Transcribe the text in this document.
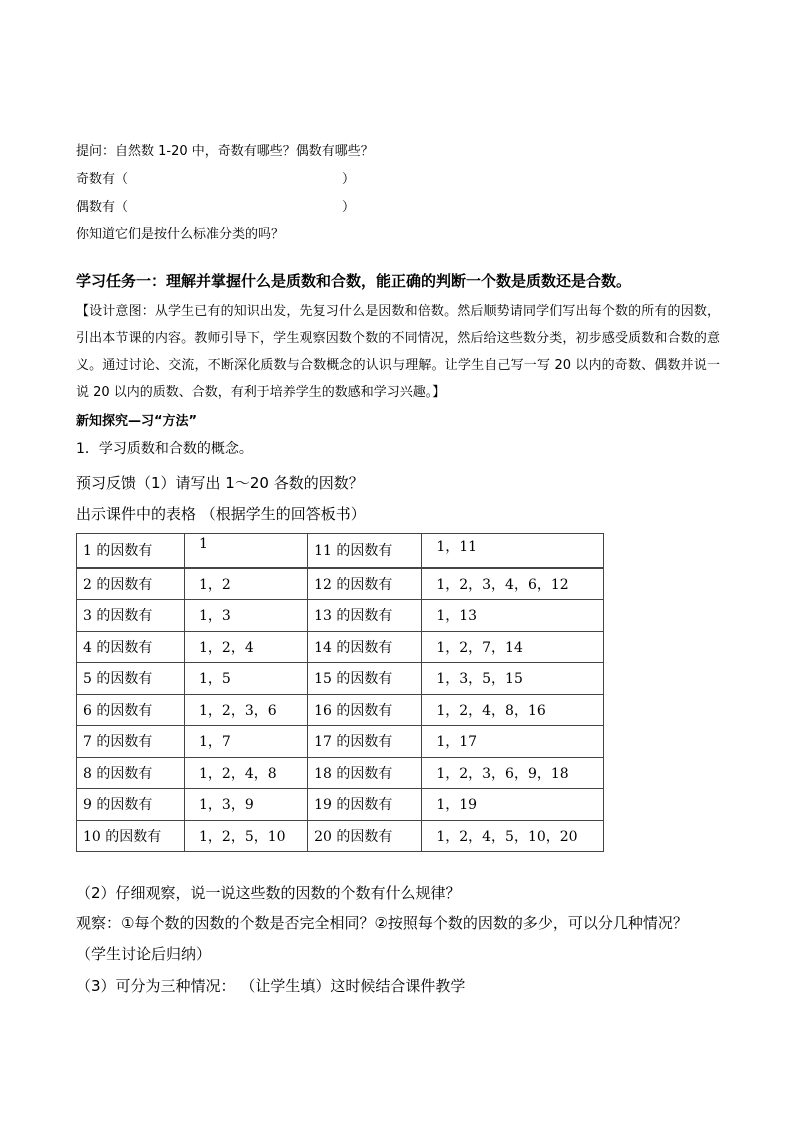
提问：自然数 1-20 中，奇数有哪些？偶数有哪些？
奇数有（	）
偶数有（	）
你知道它们是按什么标准分类的吗？
学习任务一：理解并掌握什么是质数和合数，能正确的判断一个数是质数还是合数。
【设计意图：从学生已有的知识出发，先复习什么是因数和倍数。然后顺势请同学们写出每个数的所有的因数，引出本节课的内容。教师引导下，学生观察因数个数的不同情况，然后给这些数分类，初步感受质数和合数的意义。通过讨论、交流，不断深化质数与合数概念的认识与理解。让学生自己写一写 20 以内的奇数、偶数并说一说 20 以内的质数、合数，有利于培养学生的数感和学习兴趣。】
新知探究—习“方法”
1．学习质数和合数的概念。
预习反馈（1）请写出 1～20 各数的因数？
出示课件中的表格 （根据学生的回答板书）
1 的因数有	1	11 的因数有	1，11
2 的因数有	1，2	12 的因数有	1，2，3，4，6，12
3 的因数有	1，3	13 的因数有	1，13
4 的因数有	1，2，4	14 的因数有	1，2，7，14
5 的因数有	1，5	15 的因数有	1，3，5，15
6 的因数有	1，2，3，6	16 的因数有	1，2，4，8，16
7 的因数有	1，7	17 的因数有	1，17
8 的因数有	1，2，4，8	18 的因数有	1，2，3，6，9，18
9 的因数有	1，3，9	19 的因数有	1，19
10 的因数有	1，2，5，10	20 的因数有	1，2，4，5，10，20
（2）仔细观察，说一说这些数的因数的个数有什么规律？
观察：①每个数的因数的个数是否完全相同？②按照每个数的因数的多少，可以分几种情况？
（学生讨论后归纳）
（3）可分为三种情况： （让学生填）这时候结合课件教学
